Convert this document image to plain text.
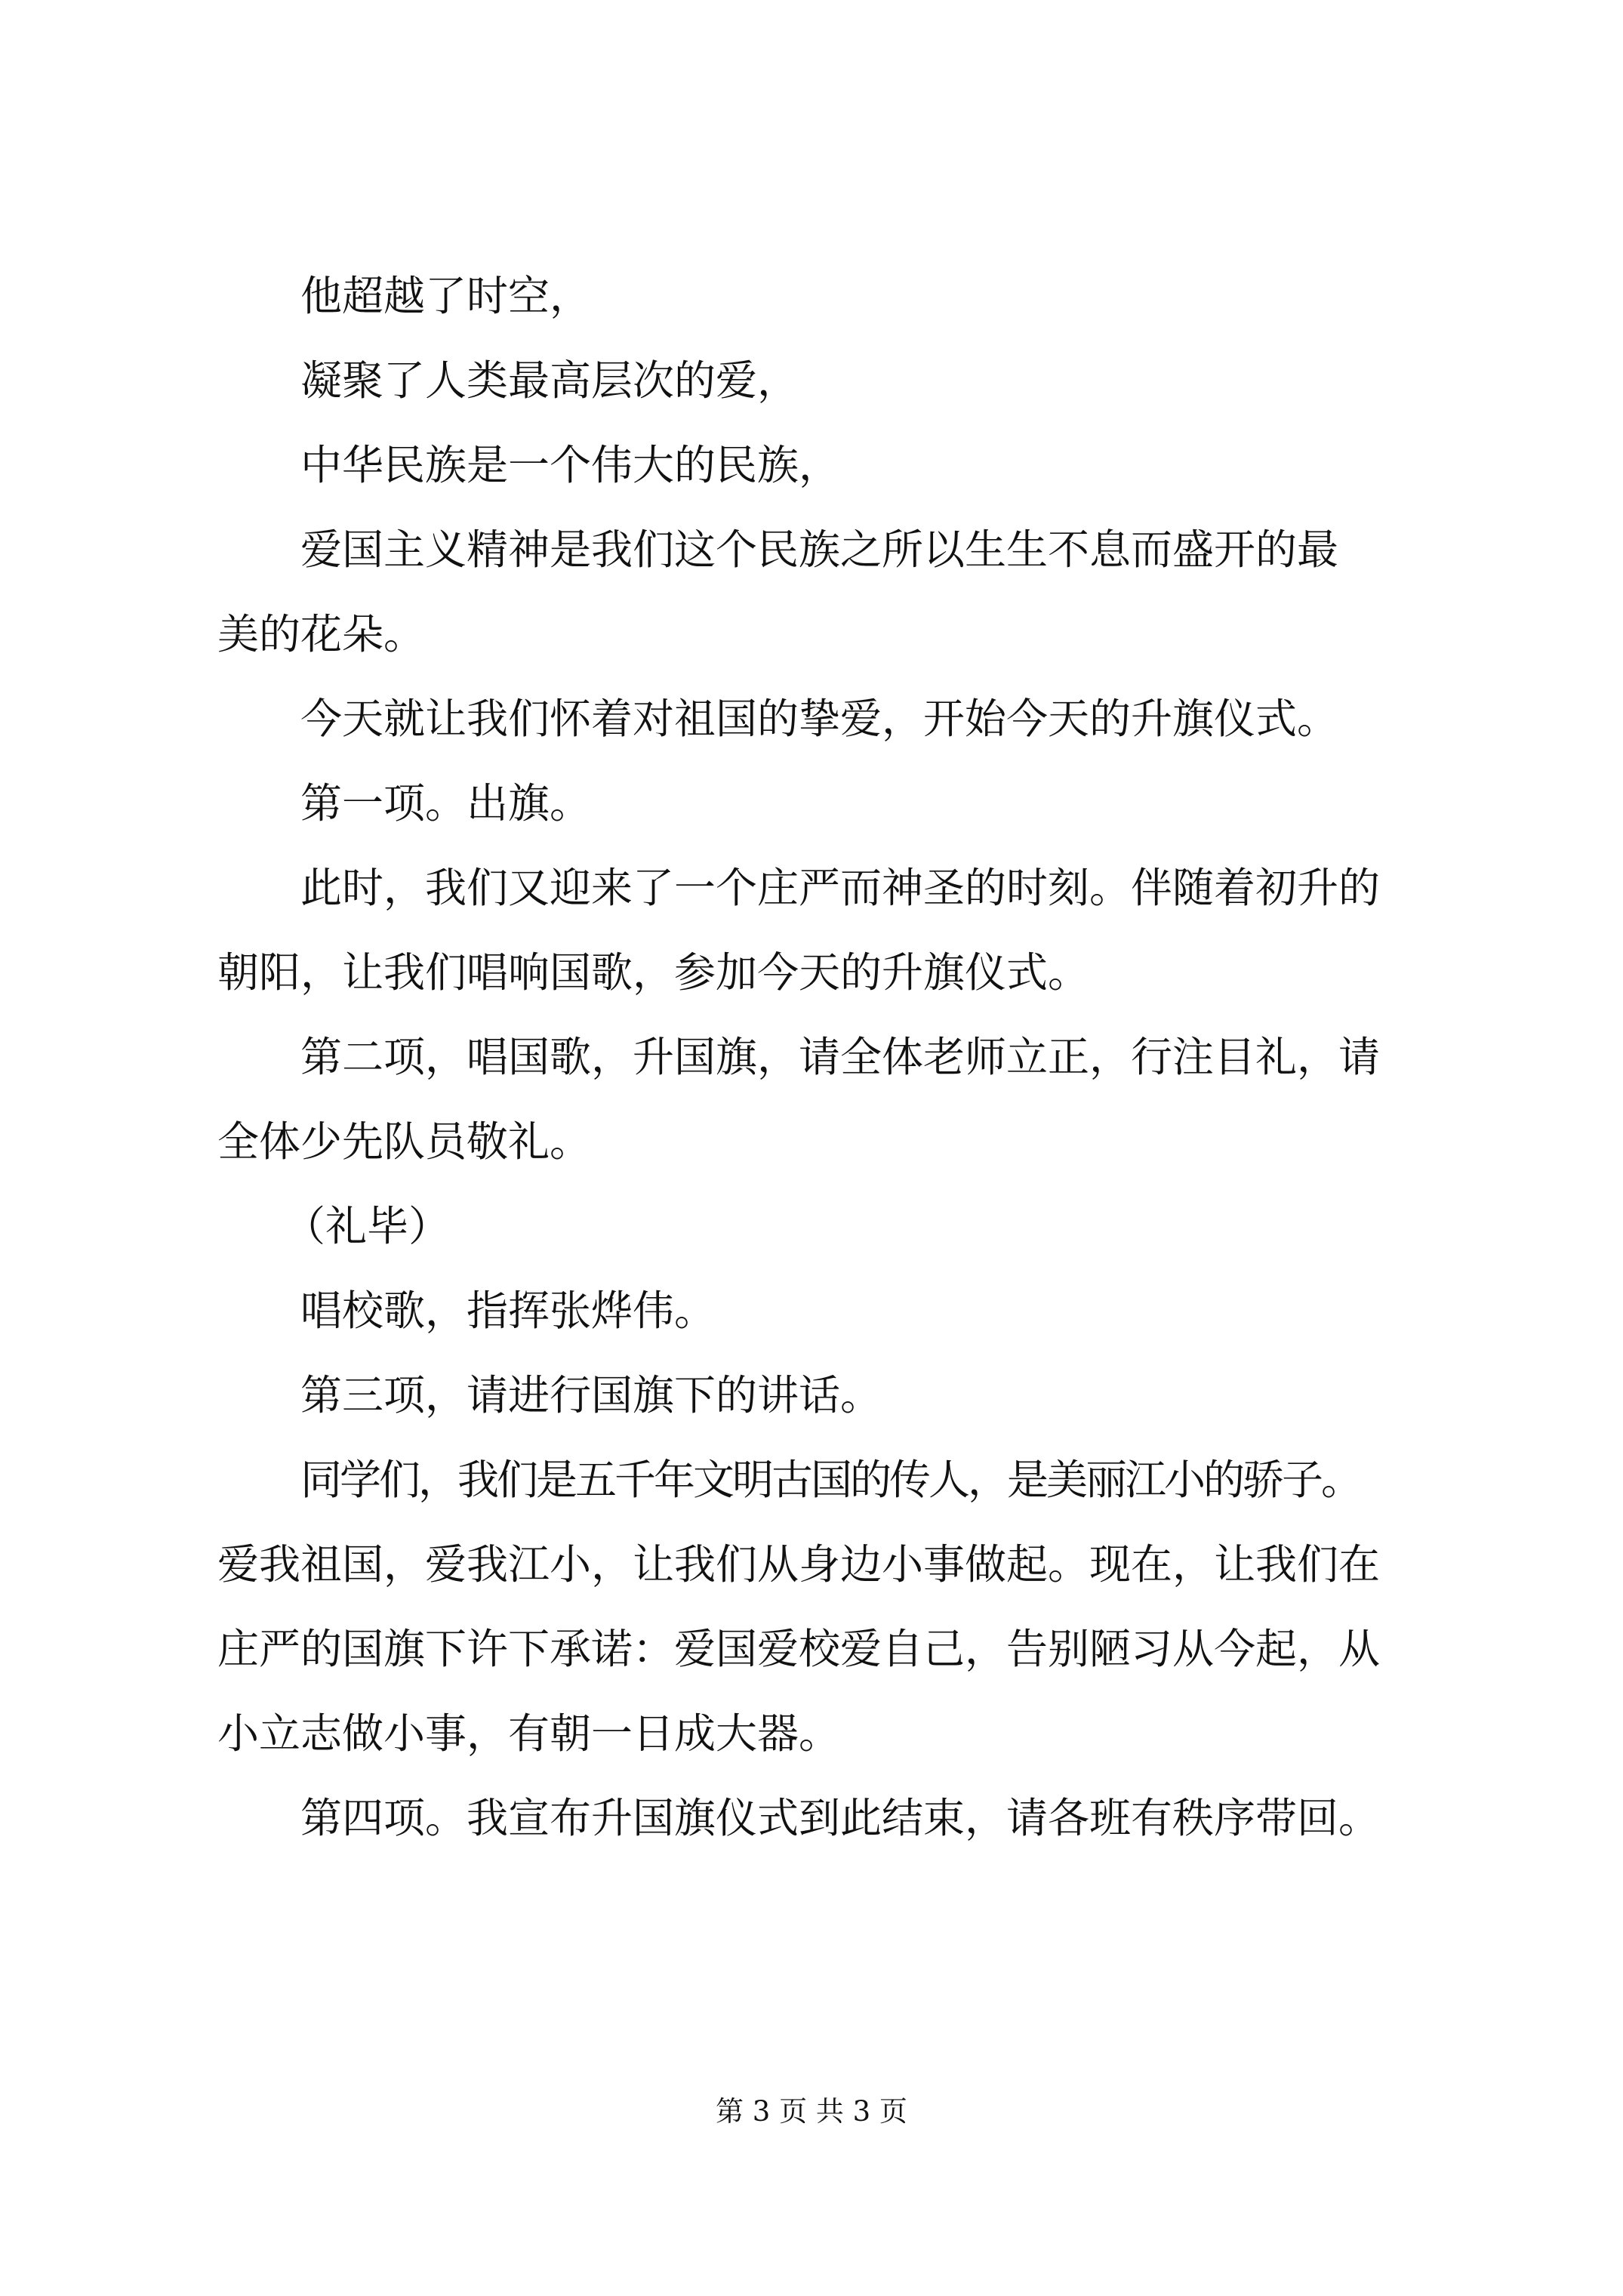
他超越了时空，

凝聚了人类最高层次的爱，

中华民族是一个伟大的民族，

爱国主义精神是我们这个民族之所以生生不息而盛开的最

美的花朵。

今天就让我们怀着对祖国的挚爱，开始今天的升旗仪式。

第一项。出旗。

此时，我们又迎来了一个庄严而神圣的时刻。伴随着初升的

朝阳，让我们唱响国歌，参加今天的升旗仪式。

第二项，唱国歌，升国旗，请全体老师立正，行注目礼，请

全体少先队员敬礼。

（礼毕）

唱校歌，指挥张烨伟。

第三项，请进行国旗下的讲话。

同学们，我们是五千年文明古国的传人，是美丽江小的骄子。

爱我祖国，爱我江小，让我们从身边小事做起。现在，让我们在

庄严的国旗下许下承诺：爱国爱校爱自己，告别陋习从今起，从

小立志做小事，有朝一日成大器。

第四项。我宣布升国旗仪式到此结束，请各班有秩序带回。

第 3 页 共 3 页
